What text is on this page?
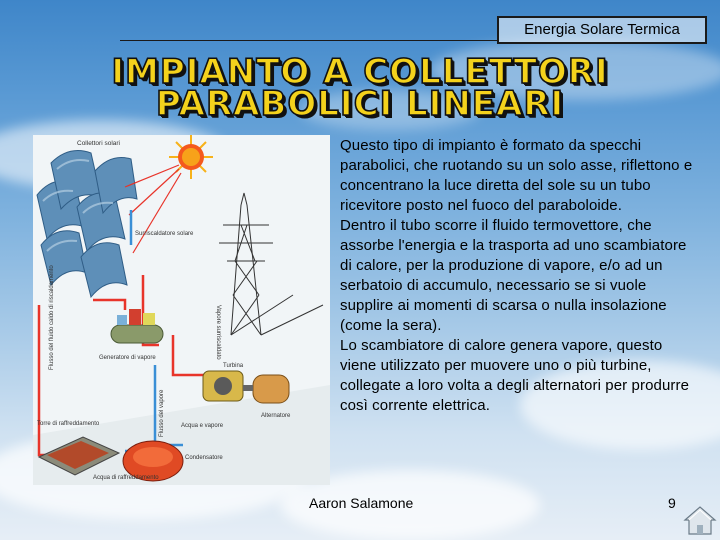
Energia Solare Termica
IMPIANTO A COLLETTORI
PARABOLICI LINEARI
Collettori solari
Surriscaldatore solare
Flusso del fluido caldo di riscaldamento	Generatore di vapore	Vapore surriscaldato
Turbina
Alternatore
Flusso del vapore	Acqua e vapore
Condensatore
Torre di raffreddamento
Acqua di raffreddamento

Questo tipo di impianto è formato da specchi parabolici, che ruotando su un solo asse, riflettono e concentrano la luce diretta del sole su un tubo ricevitore posto nel fuoco del paraboloide.

Dentro il tubo scorre il fluido termovettore, che assorbe l'energia e la trasporta ad uno scambiatore di calore, per la produzione di vapore, e/o ad un serbatoio di accumulo, necessario se si vuole supplire ai momenti di scarsa o nulla insolazione (come la sera).

Lo scambiatore di calore genera vapore, questo viene utilizzato per muovere uno o più turbine, collegate a loro volta a degli alternatori per produrre così corrente elettrica.

Aaron Salamone	9
